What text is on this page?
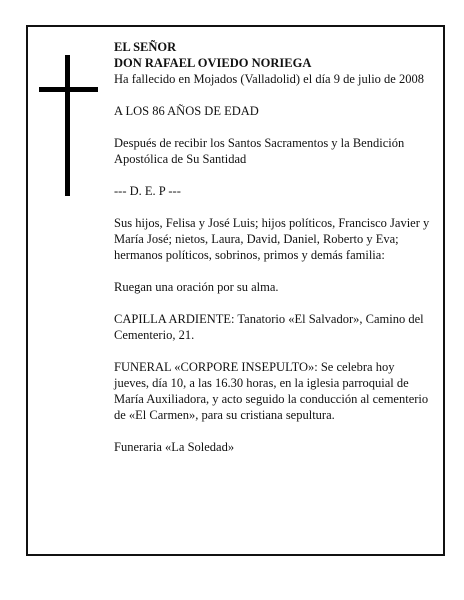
EL SEÑOR

DON RAFAEL OVIEDO NORIEGA

Ha fallecido en Mojados (Valladolid) el día 9 de julio de 2008

A LOS 86 AÑOS DE EDAD

Después de recibir los Santos Sacramentos y la Bendición Apostólica de Su Santidad

--- D. E. P ---

Sus hijos, Felisa y José Luis; hijos políticos, Francisco Javier y María José; nietos, Laura, David, Daniel, Roberto y Eva; hermanos políticos, sobrinos, primos y demás familia:

Ruegan una oración por su alma.

CAPILLA ARDIENTE: Tanatorio «El Salvador», Camino del Cementerio, 21.

FUNERAL «CORPORE INSEPULTO»: Se celebra hoy jueves, día 10, a las 16.30 horas, en la iglesia parroquial de María Auxiliadora, y acto seguido la conducción al cementerio de «El Carmen», para su cristiana sepultura.

Funeraria «La Soledad»
